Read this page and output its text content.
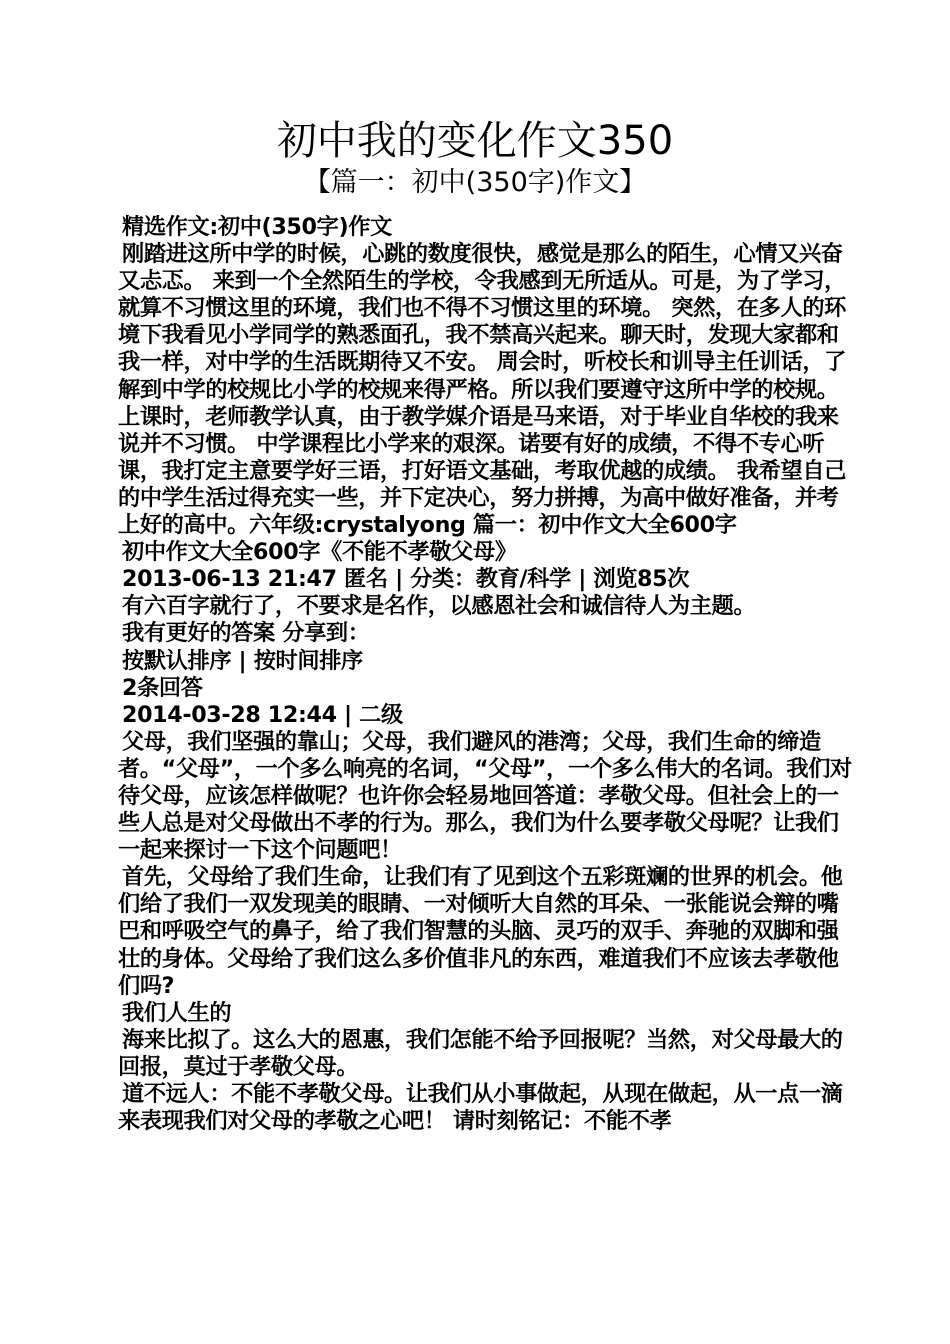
初中我的变化作文350
【篇一：初中(350字)作文】

精选作文:初中(350字)作文

刚踏进这所中学的时候，心跳的数度很快，感觉是那么的陌生，心情又兴奋又忐忑。 来到一个全然陌生的学校，令我感到无所适从。可是，为了学习，就算不习惯这里的环境，我们也不得不习惯这里的环境。 突然，在多人的环境下我看见小学同学的熟悉面孔，我不禁高兴起来。聊天时，发现大家都和我一样，对中学的生活既期待又不安。 周会时，听校长和训导主任训话，了解到中学的校规比小学的校规来得严格。所以我们要遵守这所中学的校规。上课时，老师教学认真，由于教学媒介语是马来语，对于毕业自华校的我来说并不习惯。 中学课程比小学来的艰深。诺要有好的成绩，不得不专心听课，我打定主意要学好三语，打好语文基础，考取优越的成绩。 我希望自己的中学生活过得充实一些，并下定决心，努力拼搏，为高中做好准备，并考上好的高中。六年级:crystalyong 篇一：初中作文大全600字

初中作文大全600字《不能不孝敬父母》

2013-06-13 21:47 匿名 | 分类：教育/科学 | 浏览85次

有六百字就行了，不要求是名作，以感恩社会和诚信待人为主题。

我有更好的答案 分享到：

按默认排序 | 按时间排序

2条回答

2014-03-28 12:44 | 二级

父母，我们坚强的靠山；父母，我们避风的港湾；父母，我们生命的缔造者。“父母”，一个多么响亮的名词，“父母”，一个多么伟大的名词。我们对待父母，应该怎样做呢？也许你会轻易地回答道：孝敬父母。但社会上的一些人总是对父母做出不孝的行为。那么，我们为什么要孝敬父母呢？让我们一起来探讨一下这个问题吧！

首先，父母给了我们生命，让我们有了见到这个五彩斑斓的世界的机会。他们给了我们一双发现美的眼睛、一对倾听大自然的耳朵、一张能说会辩的嘴巴和呼吸空气的鼻子，给了我们智慧的头脑、灵巧的双手、奔驰的双脚和强壮的身体。父母给了我们这么多价值非凡的东西，难道我们不应该去孝敬他们吗?

我们人生的

海来比拟了。这么大的恩惠，我们怎能不给予回报呢？当然，对父母最大的回报，莫过于孝敬父母。

道不远人：不能不孝敬父母。让我们从小事做起，从现在做起，从一点一滴来表现我们对父母的孝敬之心吧！ 请时刻铭记：不能不孝
